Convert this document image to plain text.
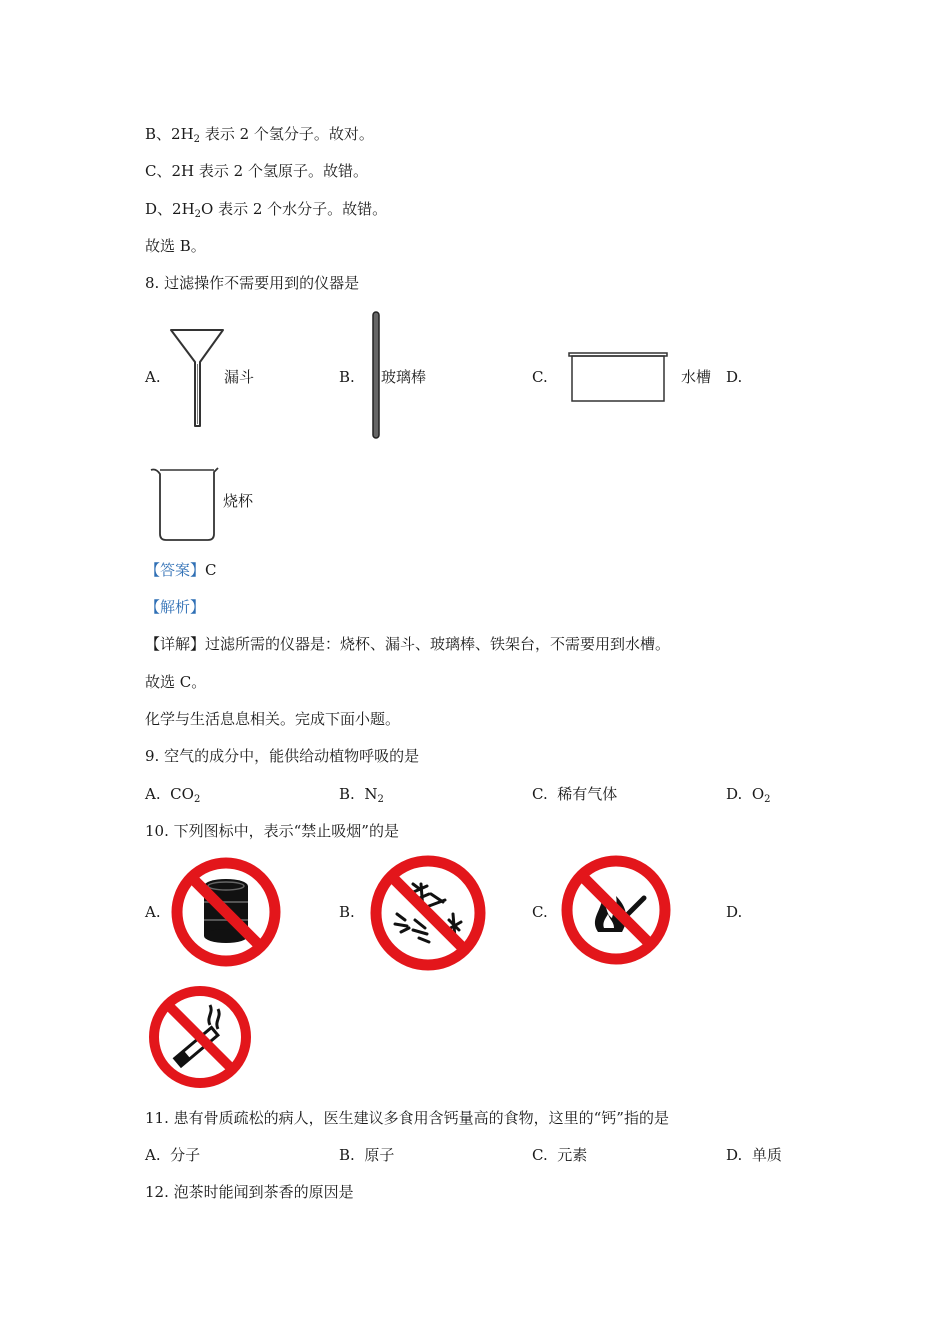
B、$2H_2$ 表示 2 个氢分子。故对。
C、2H 表示 2 个氢原子。故错。
D、$2H_2O$ 表示 2 个水分子。故错。
故选 B。
8. 过滤操作不需要用到的仪器是
A.	漏斗	B. 玻璃棒	C.	水槽 D.
烧杯
【答案】C
【解析】
【详解】过滤所需的仪器是：烧杯、漏斗、玻璃棒、铁架台，不需要用到水槽。
故选 C。
化学与生活息息相关。完成下面小题。
9. 空气的成分中，能供给动植物呼吸的是
A. $CO_2$	B. $N_2$	C. 稀有气体	D. $O_2$
10. 下列图标中，表示“禁止吸烟”的是
A.	B.	C.	D.
11. 患有骨质疏松的病人，医生建议多食用含钙量高的食物，这里的“钙”指的是
A. 分子	B. 原子	C. 元素	D. 单质
12. 泡茶时能闻到茶香的原因是
